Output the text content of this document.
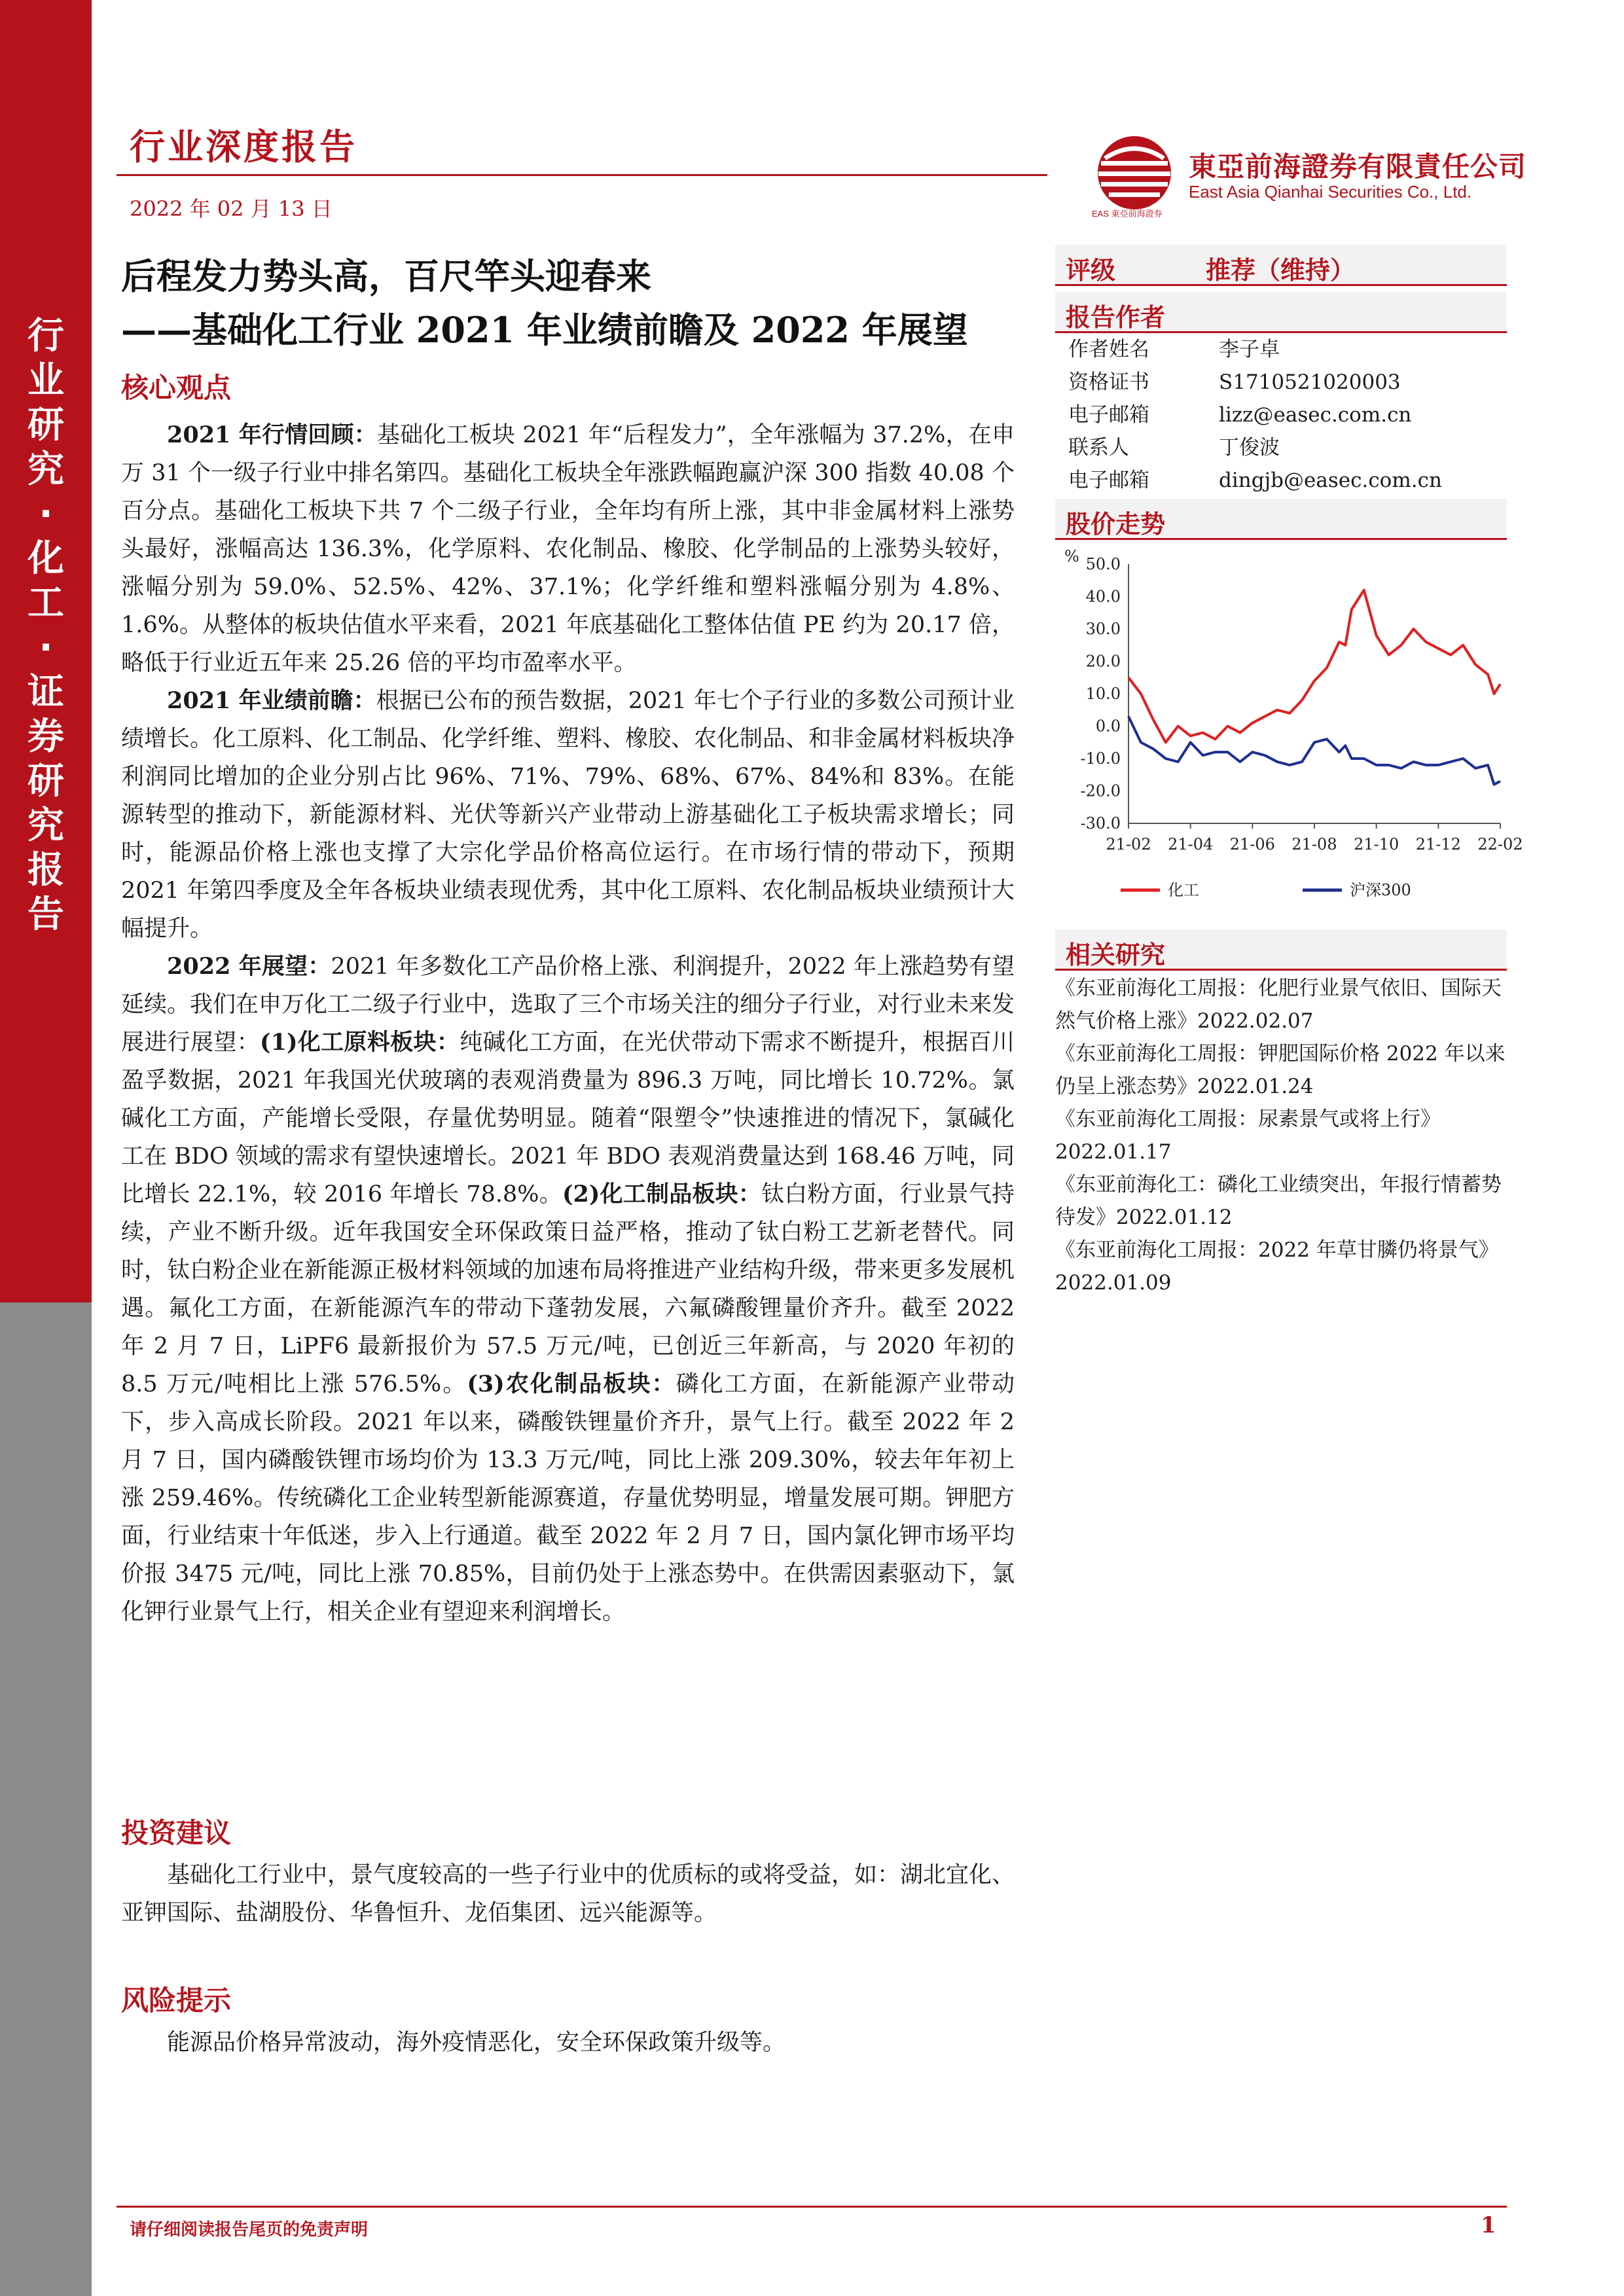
行
业
研
究
·
化
工
·
证
券
研
究
报
告
行业深度报告
2022 年 02 月 13 日
東亞前海證券有限責任公司
East Asia Qianhai Securities Co., Ltd.
EAS 東亞前海證券
后程发力势头高，百尺竿头迎春来
——基础化工行业 2021 年业绩前瞻及 2022 年展望
核心观点

2021 年行情回顾：基础化工板块 2021 年“后程发力”，全年涨幅为 37.2%，在申万 31 个一级子行业中排名第四。基础化工板块全年涨跌幅跑赢沪深 300 指数 40.08 个百分点。基础化工板块下共 7 个二级子行业，全年均有所上涨，其中非金属材料上涨势头最好，涨幅高达 136.3%，化学原料、农化制品、橡胶、化学制品的上涨势头较好，涨幅分别为 59.0%、52.5%、42%、37.1%；化学纤维和塑料涨幅分别为 4.8%、1.6%。从整体的板块估值水平来看，2021 年底基础化工整体估值 PE 约为 20.17 倍，略低于行业近五年来 25.26 倍的平均市盈率水平。

2021 年业绩前瞻：根据已公布的预告数据，2021 年七个子行业的多数公司预计业绩增长。化工原料、化工制品、化学纤维、塑料、橡胶、农化制品、和非金属材料板块净利润同比增加的企业分别占比 96%、71%、79%、68%、67%、84%和 83%。在能源转型的推动下，新能源材料、光伏等新兴产业带动上游基础化工子板块需求增长；同时，能源品价格上涨也支撑了大宗化学品价格高位运行。在市场行情的带动下，预期 2021 年第四季度及全年各板块业绩表现优秀，其中化工原料、农化制品板块业绩预计大幅提升。

2022 年展望：2021 年多数化工产品价格上涨、利润提升，2022 年上涨趋势有望延续。我们在申万化工二级子行业中，选取了三个市场关注的细分子行业，对行业未来发展进行展望：(1)化工原料板块：纯碱化工方面，在光伏带动下需求不断提升，根据百川盈孚数据，2021 年我国光伏玻璃的表观消费量为 896.3 万吨，同比增长 10.72%。氯碱化工方面，产能增长受限，存量优势明显。随着“限塑令”快速推进的情况下，氯碱化工在 BDO 领域的需求有望快速增长。2021 年 BDO 表观消费量达到 168.46 万吨，同比增长 22.1%，较 2016 年增长 78.8%。(2)化工制品板块：钛白粉方面，行业景气持续，产业不断升级。近年我国安全环保政策日益严格，推动了钛白粉工艺新老替代。同时，钛白粉企业在新能源正极材料领域的加速布局将推进产业结构升级，带来更多发展机遇。氟化工方面，在新能源汽车的带动下蓬勃发展，六氟磷酸锂量价齐升。截至 2022 年 2 月 7 日，LiPF6 最新报价为 57.5 万元/吨，已创近三年新高，与 2020 年初的 8.5 万元/吨相比上涨 576.5%。(3)农化制品板块：磷化工方面，在新能源产业带动下，步入高成长阶段。2021 年以来，磷酸铁锂量价齐升，景气上行。截至 2022 年 2 月 7 日，国内磷酸铁锂市场均价为 13.3 万元/吨，同比上涨 209.30%，较去年年初上涨 259.46%。传统磷化工企业转型新能源赛道，存量优势明显，增量发展可期。钾肥方面，行业结束十年低迷，步入上行通道。截至 2022 年 2 月 7 日，国内氯化钾市场平均价报 3475 元/吨，同比上涨 70.85%，目前仍处于上涨态势中。在供需因素驱动下，氯化钾行业景气上行，相关企业有望迎来利润增长。

投资建议

基础化工行业中，景气度较高的一些子行业中的优质标的或将受益，如：湖北宜化、亚钾国际、盐湖股份、华鲁恒升、龙佰集团、远兴能源等。

风险提示

能源品价格异常波动，海外疫情恶化，安全环保政策升级等。

评级	推荐（维持）
报告作者
作者姓名	李子卓
资格证书	S1710521020003
电子邮箱	lizz@easec.com.cn
联系人	丁俊波
电子邮箱	dingjb@easec.com.cn
股价走势
% 50.0
40.0
30.0
20.0
10.0
0.0
-10.0
-20.0
-30.0
21-02 21-04 21-06 21-08 21-10 21-12 22-02
化工	沪深300
相关研究

《东亚前海化工周报：化肥行业景气依旧、国际天然气价格上涨》2022.02.07

《东亚前海化工周报：钾肥国际价格 2022 年以来仍呈上涨态势》2022.01.24

《东亚前海化工周报：尿素景气或将上行》2022.01.17

《东亚前海化工：磷化工业绩突出，年报行情蓄势待发》2022.01.12

《东亚前海化工周报：2022 年草甘膦仍将景气》2022.01.09

请仔细阅读报告尾页的免责声明	1
